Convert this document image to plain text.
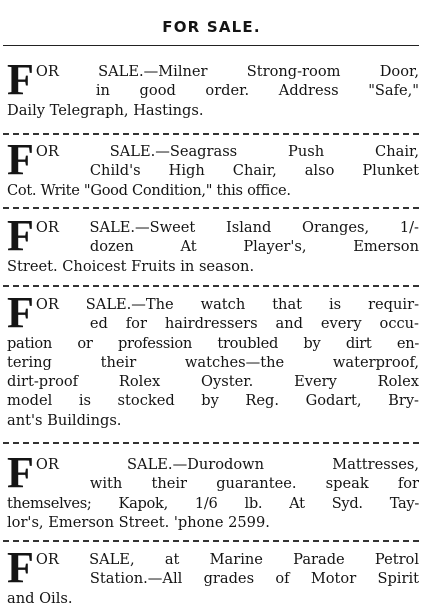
FOR SALE.
F OR SALE.—Milner Strong-room Door,
in good order. Address "Safe,"
Daily Telegraph, Hastings.
F OR SALE.—Seagrass Push Chair,
Child's High Chair, also Plunket
Cot. Write "Good Condition," this office.
F OR SALE.—Sweet Island Oranges, 1/-
dozen At Player's, Emerson
Street. Choicest Fruits in season.
F OR SALE.—The watch that is requir-
ed for hairdressers and every occu-
pation or profession troubled by dirt en-
tering their watches—the waterproof,
dirt-proof Rolex Oyster. Every Rolex
model is stocked by Reg. Godart, Bry-
ant's Buildings.
F OR SALE.—Durodown Mattresses,
with their guarantee. speak for
themselves; Kapok, 1/6 lb. At Syd. Tay-
lor's, Emerson Street. 'phone 2599.
F OR SALE, at Marine Parade Petrol
Station.—All grades of Motor Spirit
and Oils.
